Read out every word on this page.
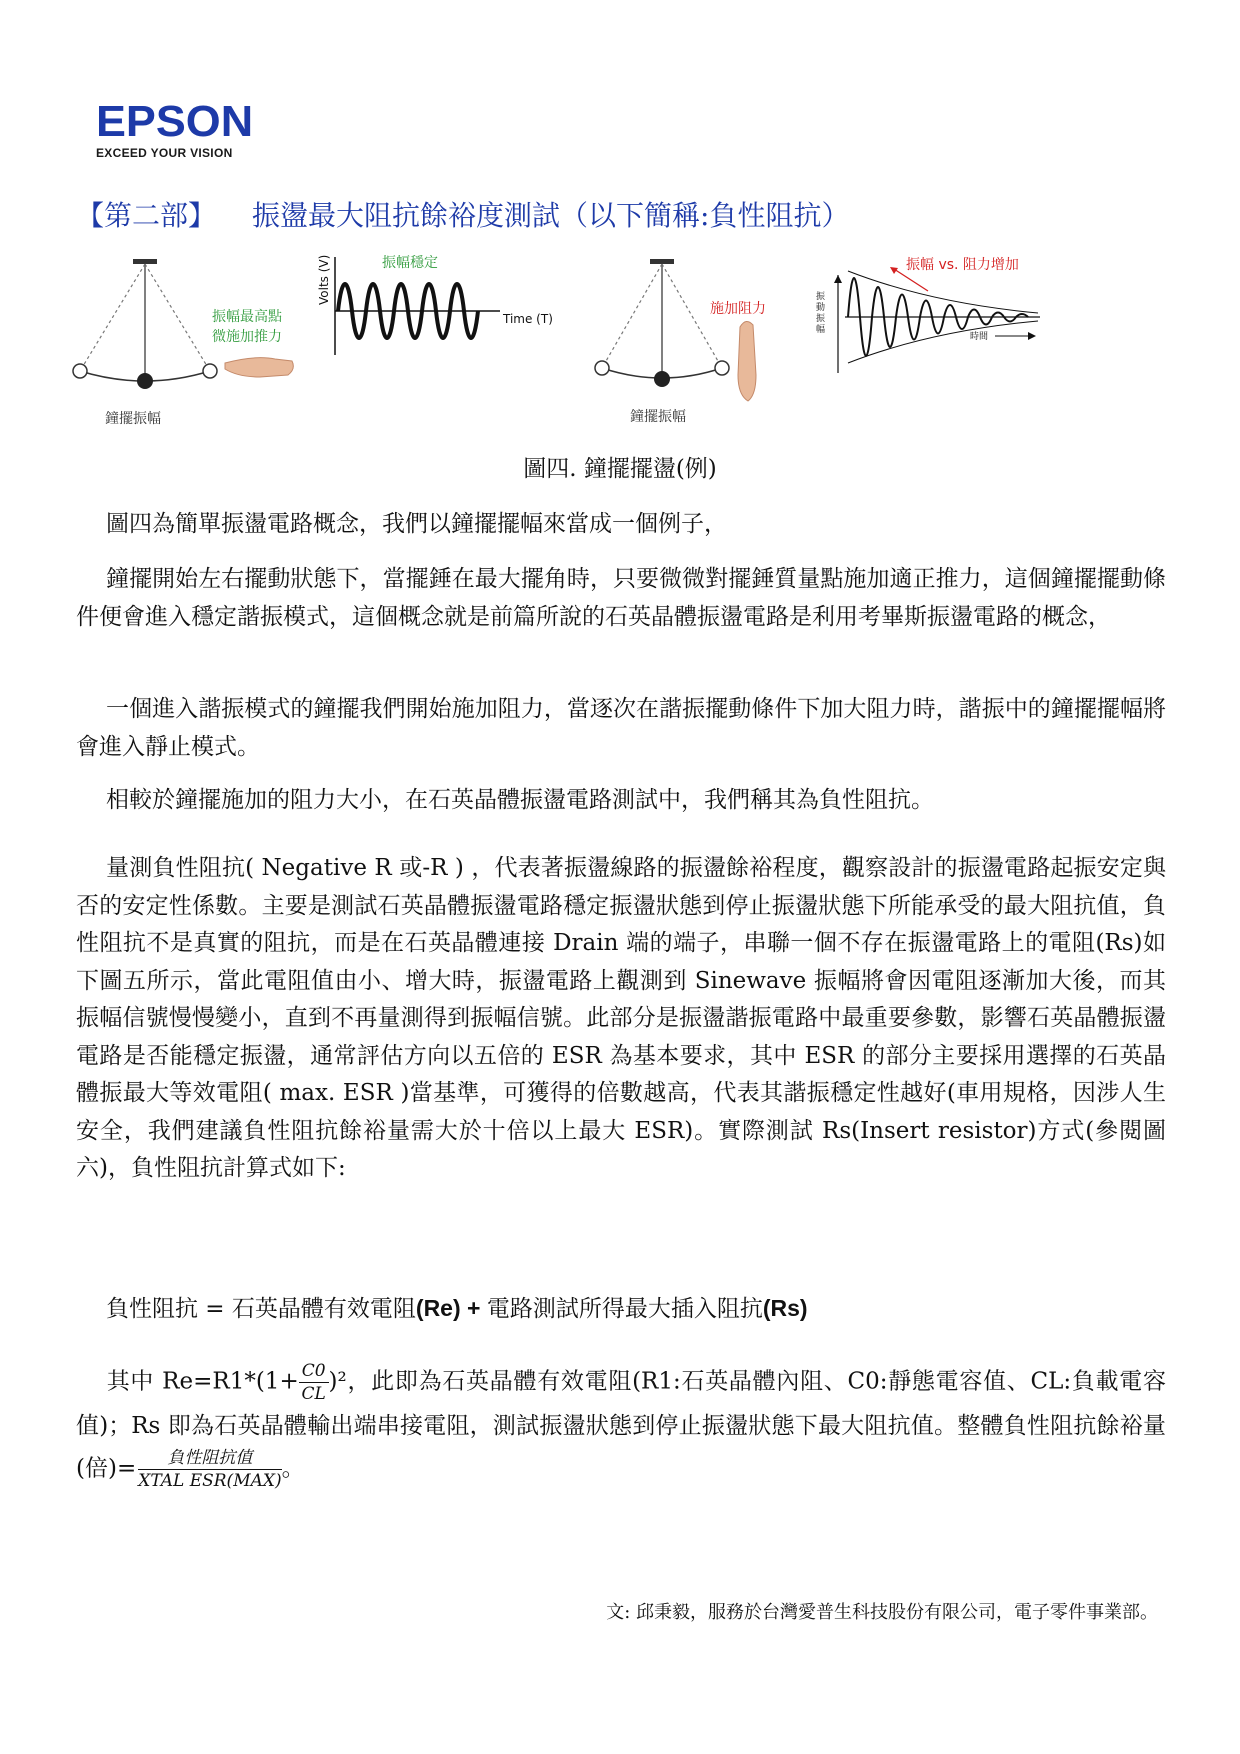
EPSON
EXCEED YOUR VISION
【第二部】 振盪最大阻抗餘裕度測試（以下簡稱:負性阻抗）
鐘擺振幅
振幅最高點
微施加推力
Volts (V)	振幅穩定
Time (T)
鐘擺振幅
施加阻力
振動振幅
振幅 vs. 阻力增加
時間
圖四. 鐘擺擺盪(例)
圖四為簡單振盪電路概念，我們以鐘擺擺幅來當成一個例子，
鐘擺開始左右擺動狀態下，當擺錘在最大擺角時，只要微微對擺錘質量點施加適正推力，這個鐘擺擺動條件便會進入穩定諧振模式，這個概念就是前篇所說的石英晶體振盪電路是利用考畢斯振盪電路的概念，
一個進入諧振模式的鐘擺我們開始施加阻力，當逐次在諧振擺動條件下加大阻力時，諧振中的鐘擺擺幅將會進入靜止模式。
相較於鐘擺施加的阻力大小，在石英晶體振盪電路測試中，我們稱其為負性阻抗。
量測負性阻抗( Negative R 或-R ) ，代表著振盪線路的振盪餘裕程度，觀察設計的振盪電路起振安定與否的安定性係數。主要是測試石英晶體振盪電路穩定振盪狀態到停止振盪狀態下所能承受的最大阻抗值，負性阻抗不是真實的阻抗，而是在石英晶體連接 Drain 端的端子，串聯一個不存在振盪電路上的電阻(Rs)如下圖五所示，當此電阻值由小、增大時，振盪電路上觀測到 Sinewave 振幅將會因電阻逐漸加大後，而其振幅信號慢慢變小，直到不再量測得到振幅信號。此部分是振盪諧振電路中最重要參數，影響石英晶體振盪電路是否能穩定振盪，通常評估方向以五倍的 ESR 為基本要求，其中 ESR 的部分主要採用選擇的石英晶體振最大等效電阻( max. ESR )當基準，可獲得的倍數越高，代表其諧振穩定性越好(車用規格，因涉人生安全，我們建議負性阻抗餘裕量需大於十倍以上最大 ESR)。實際測試 Rs(Insert resistor)方式(參閱圖六)，負性阻抗計算式如下:
負性阻抗 = 石英晶體有效電阻(Re) + 電路測試所得最大插入阻抗(Rs)
其中 $Re=R1*(1+ \frac{C0}{CL} )^2$，此即為石英晶體有效電阻(R1:石英晶體內阻、C0:靜態電容值、CL:負載電容值)；Rs 即為石英晶體輸出端串接電阻，測試振盪狀態到停止振盪狀態下最大阻抗值。整體負性阻抗餘裕量(倍)= $\frac{\text{負性阻抗值}}{\text{XTAL ESR(MAX)}}$ 。
文: 邱秉毅，服務於台灣愛普生科技股份有限公司，電子零件事業部。
